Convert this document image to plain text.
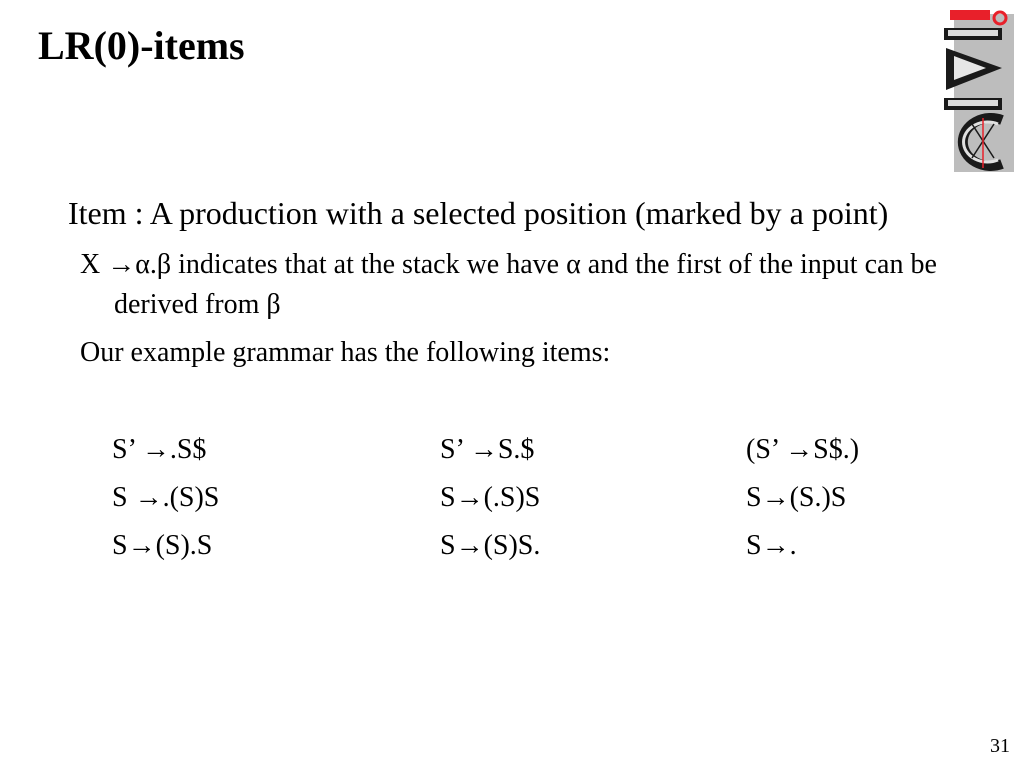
LR(0)-items

Item : A production with a selected position (marked by a point)

X →α.β indicates that at the stack we have α and the first of the input can be derived from β

Our example grammar has the following items:

S’ →.S$	S’ →S.$	(S’ →S$.)
S →.(S)S	S→(.S)S	S→(S.)S
S→(S).S	S→(S)S.	S→.
31
